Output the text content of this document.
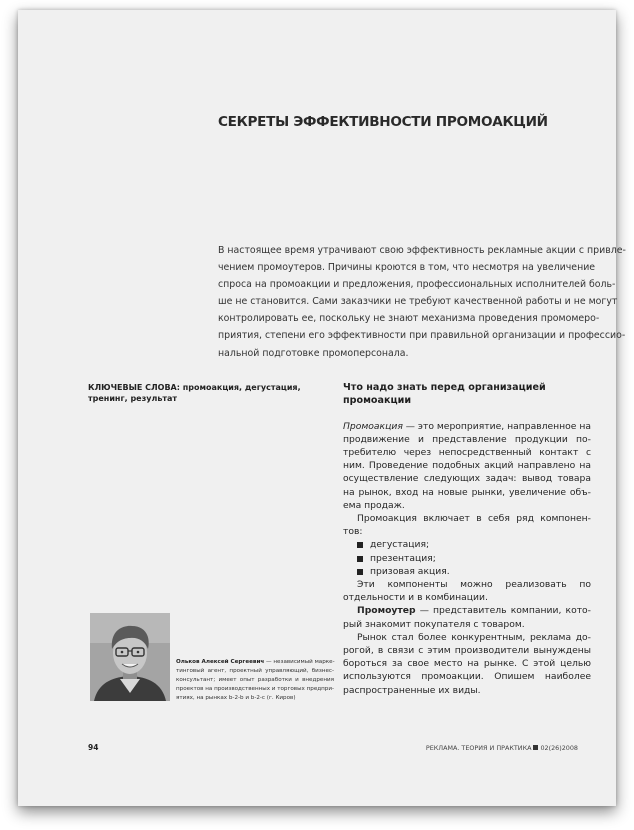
СЕКРЕТЫ ЭФФЕКТИВНОСТИ ПРОМОАКЦИЙ
В настоящее время утрачивают свою эффективность рекламные акции с привле-
чением промоутеров. Причины кроются в том, что несмотря на увеличение
спроса на промоакции и предложения, профессиональных исполнителей боль-
ше не становится. Сами заказчики не требуют качественной работы и не могут
контролировать ее, поскольку не знают механизма проведения промомеро-
приятия, степени его эффективности при правильной организации и профессио-
нальной подготовке промоперсонала.

КЛЮЧЕВЫЕ СЛОВА: промоакция, дегустация, тренинг, результат

Что надо знать перед организацией промоакции

Промоакция — это мероприятие, направленное на продвижение и представление продукции по-требителю через непосредственный контакт с ним. Проведение подобных акций направлено на осуществление следующих задач: вывод товара на рынок, вход на новые рынки, увеличение объ-ема продаж.

Промоакция включает в себя ряд компонен-тов:

дегустация;
презентация;
призовая акция.

Эти компоненты можно реализовать по отдельности и в комбинации.

Промоутер — представитель компании, кото-рый знакомит покупателя с товаром.

Рынок стал более конкурентным, реклама до-рогой, в связи с этим производители вынуждены бороться за свое место на рынке. С этой целью используются промоакции. Опишем наиболее распространенные их виды.

Ольков Алексей Сергеевич — независимый марке-
тинговый агент, проектный управляющий, бизнес-
консультант; имеет опыт разработки и внедрения
проектов на производственных и торговых предпри-
ятиях, на рынках b-2-b и b-2-c (г. Киров)
94	РЕКЛАМА. ТЕОРИЯ И ПРАКТИКА 02(26)2008
